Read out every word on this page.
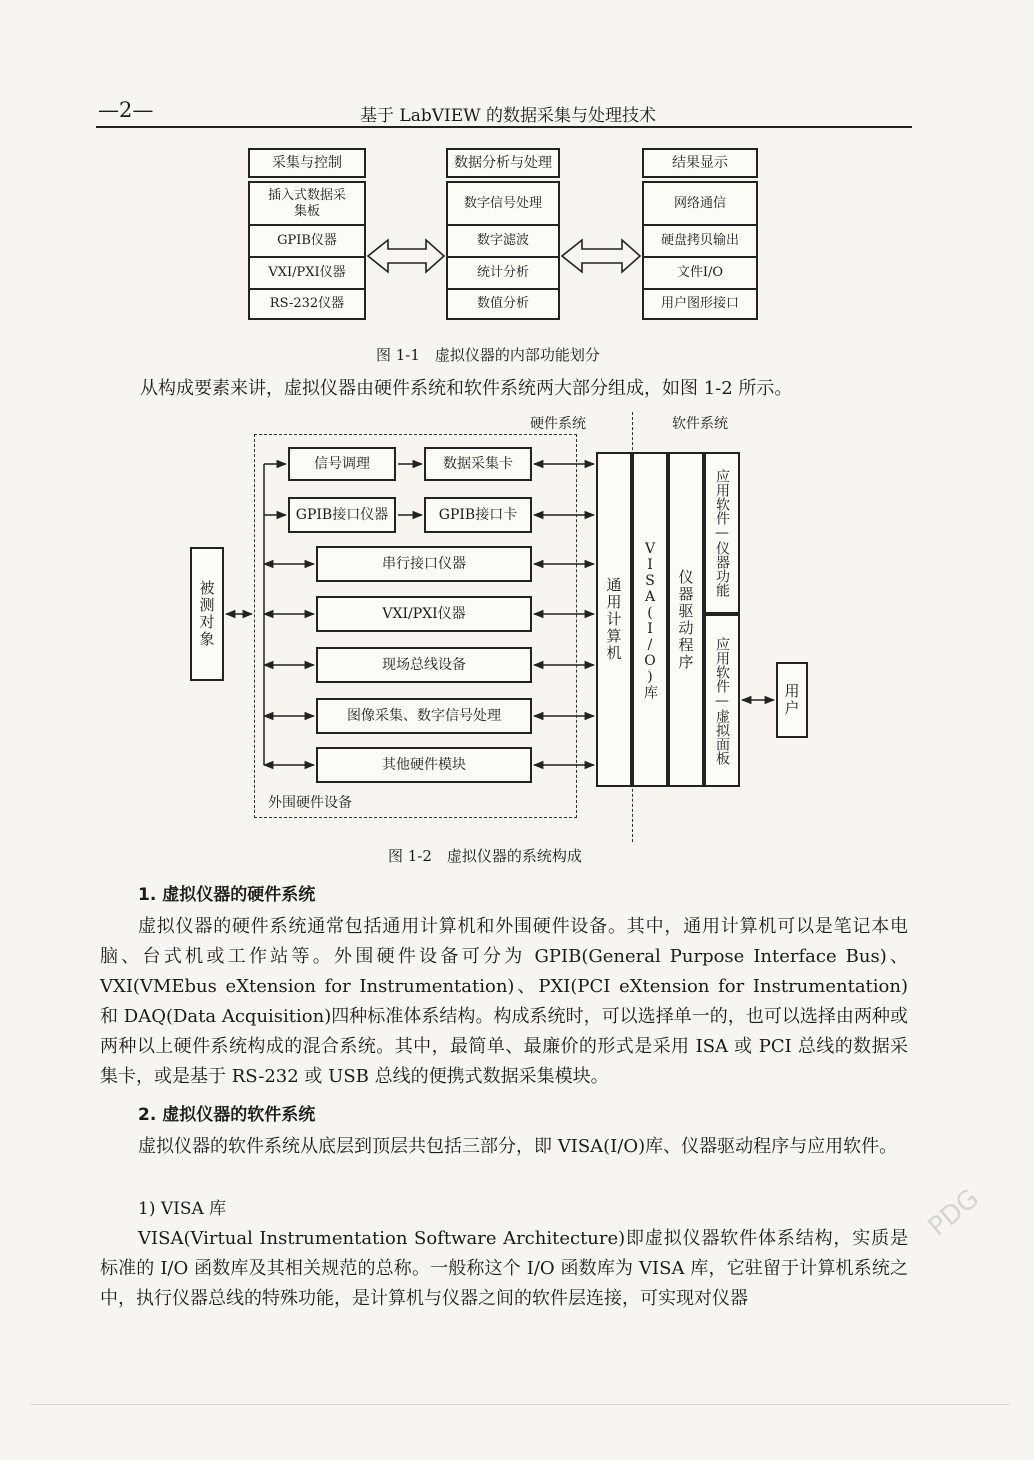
—2—	基于 LabVIEW 的数据采集与处理技术
采集与控制
插入式数据采集板
GPIB仪器
VXI/PXI仪器
RS-232仪器
数据分析与处理
数字信号处理
数字滤波
统计分析
数值分析
结果显示
网络通信
硬盘拷贝输出
文件I/O
用户图形接口
图 1-1　虚拟仪器的内部功能划分
从构成要素来讲，虚拟仪器由硬件系统和软件系统两大部分组成，如图 1-2 所示。
硬件系统	软件系统
外围硬件设备
被测对象
信号调理	数据采集卡
GPIB接口仪器	GPIB接口卡
串行接口仪器
VXI/PXI仪器
现场总线设备
图像采集、数字信号处理
其他硬件模块
通用计算机 VISA(I/O)库 仪器驱动程序
应用软件—仪器功能
应用软件—虚拟面板	用户
图 1-2　虚拟仪器的系统构成
1. 虚拟仪器的硬件系统
虚拟仪器的硬件系统通常包括通用计算机和外围硬件设备。其中，通用计算机可以是笔记本电脑、台式机或工作站等。外围硬件设备可分为 GPIB(General Purpose Interface Bus)、VXI(VMEbus eXtension for Instrumentation)、PXI(PCI eXtension for Instrumentation) 和 DAQ(Data Acquisition)四种标准体系结构。构成系统时，可以选择单一的，也可以选择由两种或两种以上硬件系统构成的混合系统。其中，最简单、最廉价的形式是采用 ISA 或 PCI 总线的数据采集卡，或是基于 RS-232 或 USB 总线的便携式数据采集模块。
2. 虚拟仪器的软件系统
虚拟仪器的软件系统从底层到顶层共包括三部分，即 VISA(I/O)库、仪器驱动程序与应用软件。
1) VISA 库
VISA(Virtual Instrumentation Software Architecture)即虚拟仪器软件体系结构，实质是标准的 I/O 函数库及其相关规范的总称。一般称这个 I/O 函数库为 VISA 库，它驻留于计算机系统之中，执行仪器总线的特殊功能，是计算机与仪器之间的软件层连接，可实现对仪器
PDG
